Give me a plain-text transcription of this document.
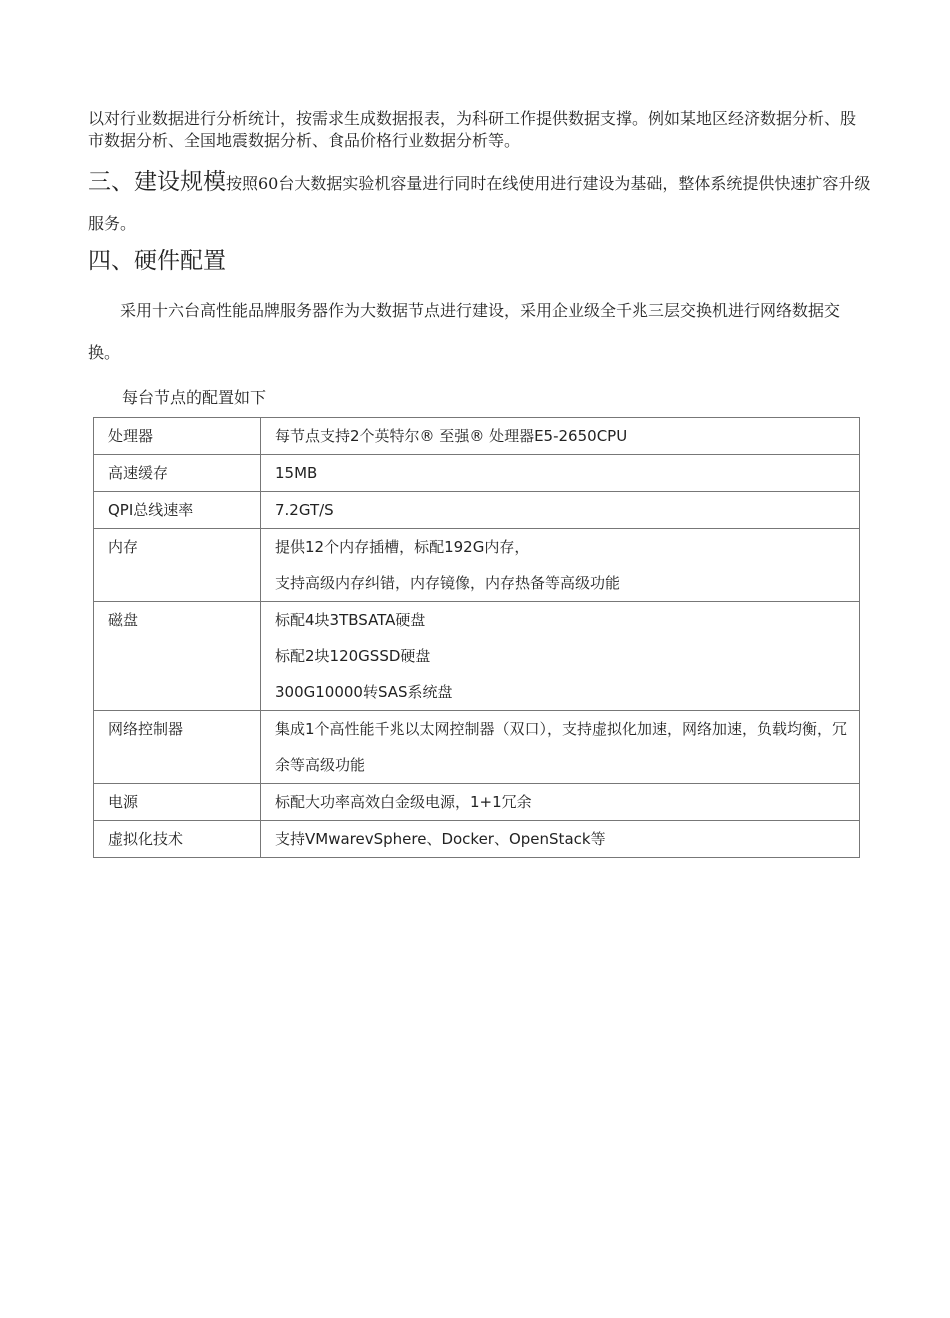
以对行业数据进行分析统计，按需求生成数据报表，为科研工作提供数据支撑。例如某地区经济数据分析、股市数据分析、全国地震数据分析、食品价格行业数据分析等。

三、建设规模按照60台大数据实验机容量进行同时在线使用进行建设为基础，整体系统提供快速扩容升级服务。

四、硬件配置

采用十六台高性能品牌服务器作为大数据节点进行建设，采用企业级全千兆三层交换机进行网络数据交换。

每台节点的配置如下

处理器	每节点支持2个英特尔® 至强® 处理器E5-2650CPU

高速缓存	15MB

QPI总线速率	7.2GT/S

内存	提供12个内存插槽，标配192G内存，
支持高级内存纠错，内存镜像，内存热备等高级功能

磁盘	标配4块3TBSATA硬盘
标配2块120GSSD硬盘
300G10000转SAS系统盘

网络控制器	集成1个高性能千兆以太网控制器（双口），支持虚拟化加速，网络加速，负载均衡，冗余等高级功能

电源	标配大功率高效白金级电源，1+1冗余

虚拟化技术	支持VMwarevSphere、Docker、OpenStack等
